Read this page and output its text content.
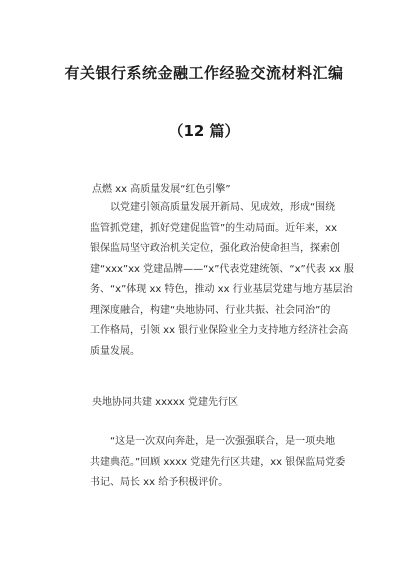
有关银行系统金融工作经验交流材料汇编
（12 篇）
点燃 xx 高质量发展“红色引擎”
以党建引领高质量发展开新局、见成效，形成“围绕
监管抓党建，抓好党建促监管”的生动局面。近年来，xx
银保监局坚守政治机关定位，强化政治使命担当，探索创
建“xxx”xx 党建品牌——“x”代表党建统领、“x”代表 xx 服
务、“x”体现 xx 特色，推动 xx 行业基层党建与地方基层治
理深度融合，构建“央地协同、行业共振、社会同治”的
工作格局，引领 xx 银行业保险业全力支持地方经济社会高
质量发展。
央地协同共建 xxxxx 党建先行区
“这是一次双向奔赴，是一次强强联合，是一项央地
共建典范。”回顾 xxxx 党建先行区共建，xx 银保监局党委
书记、局长 xx 给予积极评价。
